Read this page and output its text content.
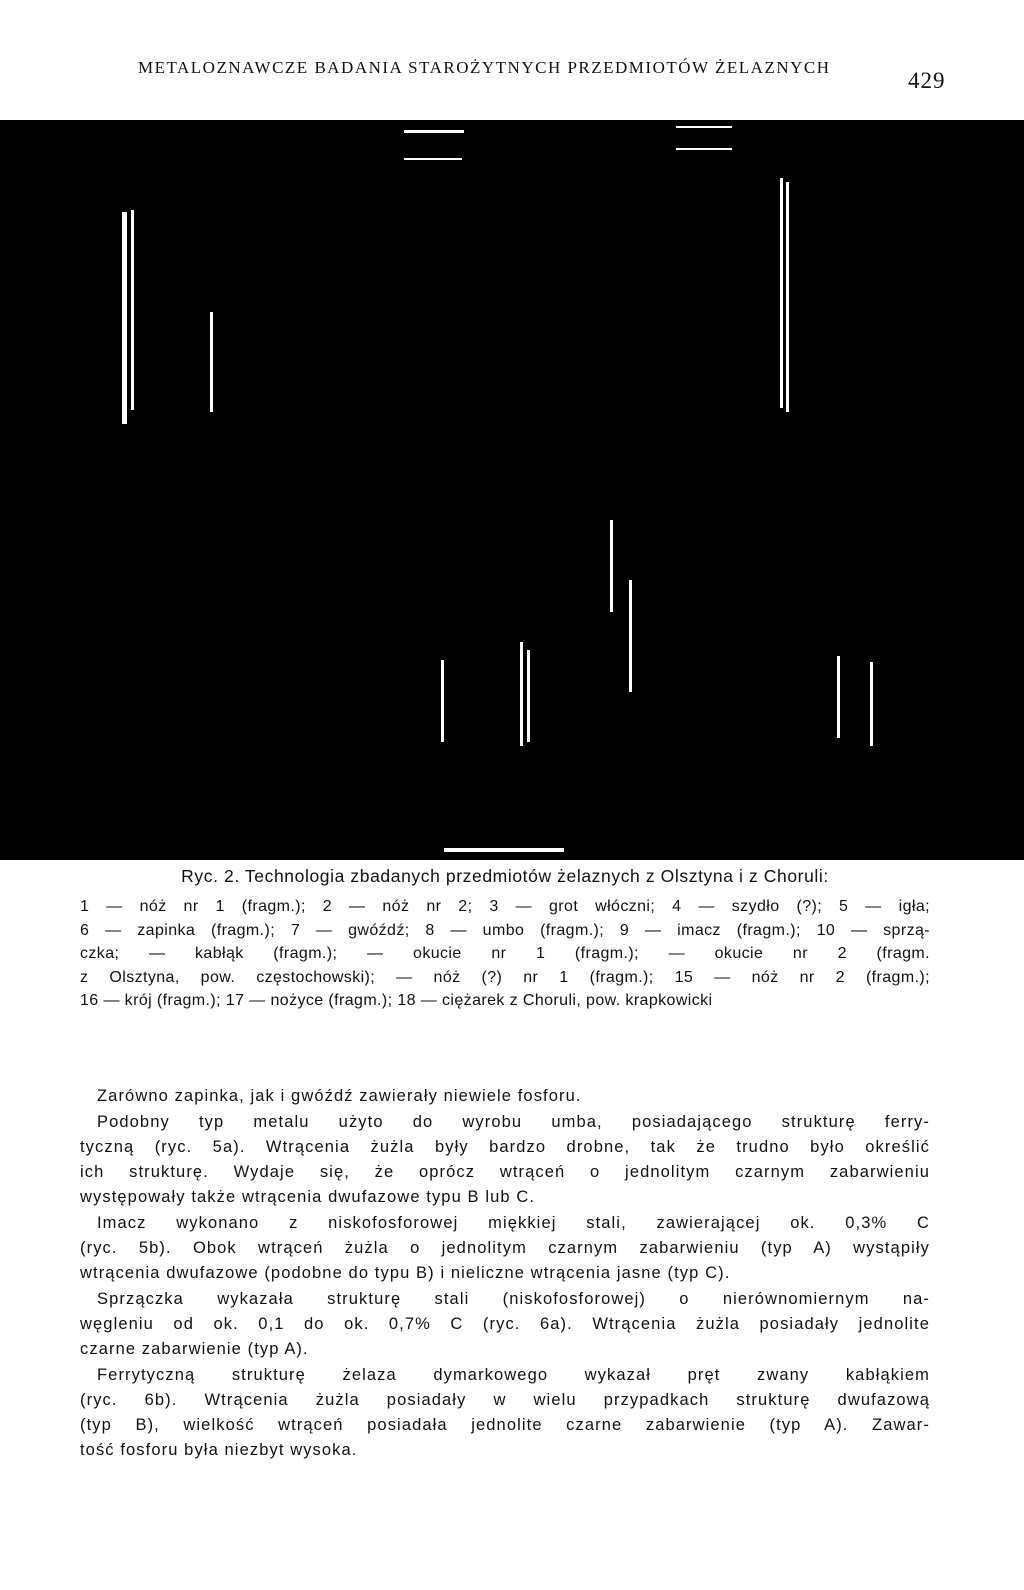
METALOZNAWCZE BADANIA STAROŻYTNYCH PRZEDMIOTÓW ŻELAZNYCH
429
Ryc. 2. Technologia zbadanych przedmiotów żelaznych z Olsztyna i z Choruli:
1 — nóż nr 1 (fragm.); 2 — nóż nr 2; 3 — grot włóczni; 4 — szydło (?); 5 — igła;
6 — zapinka (fragm.); 7 — gwóźdź; 8 — umbo (fragm.); 9 — imacz (fragm.); 10 — sprzą-
czka; — kabłąk (fragm.); — okucie nr 1 (fragm.); — okucie nr 2 (fragm.
z Olsztyna, pow. częstochowski); — nóż (?) nr 1 (fragm.); 15 — nóż nr 2 (fragm.);
16 — krój (fragm.); 17 — nożyce (fragm.); 18 — ciężarek z Choruli, pow. krapkowicki
Zarówno zapinka, jak i gwóźdź zawierały niewiele fosforu.
Podobny typ metalu użyto do wyrobu umba, posiadającego strukturę ferry-
tyczną (ryc. 5a). Wtrącenia żużla były bardzo drobne, tak że trudno było określić
ich strukturę. Wydaje się, że oprócz wtrąceń o jednolitym czarnym zabarwieniu
występowały także wtrącenia dwufazowe typu B lub C.
Imacz wykonano z niskofosforowej miękkiej stali, zawierającej ok. 0,3% C
(ryc. 5b). Obok wtrąceń żużla o jednolitym czarnym zabarwieniu (typ A) wystąpiły
wtrącenia dwufazowe (podobne do typu B) i nieliczne wtrącenia jasne (typ C).
Sprzączka wykazała strukturę stali (niskofosforowej) o nierównomiernym na-
węgleniu od ok. 0,1 do ok. 0,7% C (ryc. 6a). Wtrącenia żużla posiadały jednolite
czarne zabarwienie (typ A).
Ferrytyczną strukturę żelaza dymarkowego wykazał pręt zwany kabłąkiem
(ryc. 6b). Wtrącenia żużla posiadały w wielu przypadkach strukturę dwufazową
(typ B), wielkość wtrąceń posiadała jednolite czarne zabarwienie (typ A). Zawar-
tość fosforu była niezbyt wysoka.
